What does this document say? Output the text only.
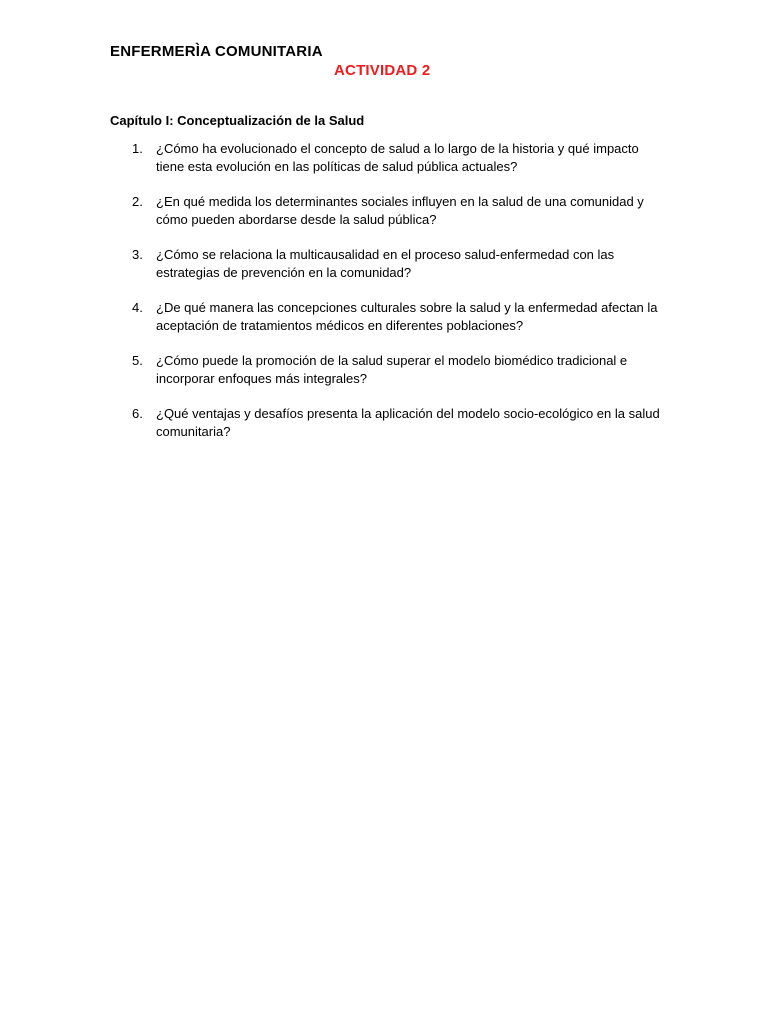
ENFERMERÌA COMUNITARIA
ACTIVIDAD 2
Capítulo I: Conceptualización de la Salud
1. ¿Cómo ha evolucionado el concepto de salud a lo largo de la historia y qué impacto tiene esta evolución en las políticas de salud pública actuales?
2. ¿En qué medida los determinantes sociales influyen en la salud de una comunidad y cómo pueden abordarse desde la salud pública?
3. ¿Cómo se relaciona la multicausalidad en el proceso salud-enfermedad con las estrategias de prevención en la comunidad?
4. ¿De qué manera las concepciones culturales sobre la salud y la enfermedad afectan la aceptación de tratamientos médicos en diferentes poblaciones?
5. ¿Cómo puede la promoción de la salud superar el modelo biomédico tradicional e incorporar enfoques más integrales?
6. ¿Qué ventajas y desafíos presenta la aplicación del modelo socio-ecológico en la salud comunitaria?
